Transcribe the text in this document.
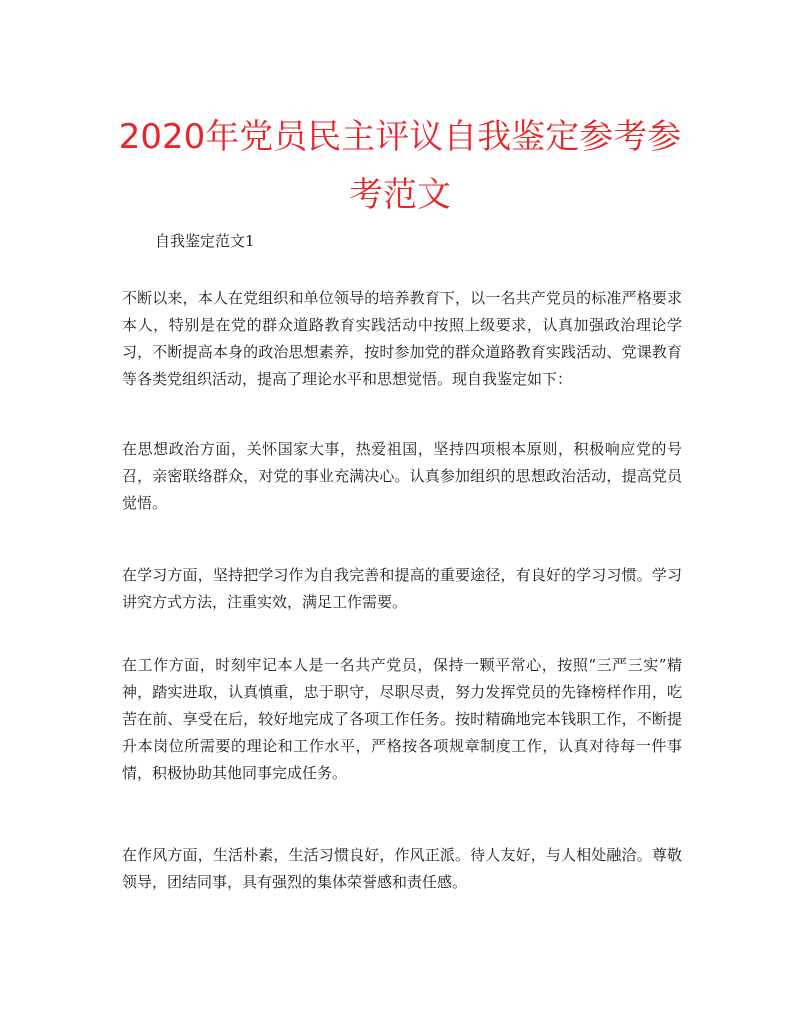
2020年党员民主评议自我鉴定参考参考范文

自我鉴定范文1

不断以来，本人在党组织和单位领导的培养教育下，以一名共产党员的标准严格要求本人，特别是在党的群众道路教育实践活动中按照上级要求，认真加强政治理论学习，不断提高本身的政治思想素养，按时参加党的群众道路教育实践活动、党课教育等各类党组织活动，提高了理论水平和思想觉悟。现自我鉴定如下：

在思想政治方面，关怀国家大事，热爱祖国，坚持四项根本原则，积极响应党的号召，亲密联络群众，对党的事业充满决心。认真参加组织的思想政治活动，提高党员觉悟。

在学习方面，坚持把学习作为自我完善和提高的重要途径，有良好的学习习惯。学习讲究方式方法，注重实效，满足工作需要。

在工作方面，时刻牢记本人是一名共产党员，保持一颗平常心，按照“三严三实”精神，踏实进取，认真慎重，忠于职守，尽职尽责，努力发挥党员的先锋榜样作用，吃苦在前、享受在后，较好地完成了各项工作任务。按时精确地完本钱职工作，不断提升本岗位所需要的理论和工作水平，严格按各项规章制度工作，认真对待每一件事情，积极协助其他同事完成任务。

在作风方面，生活朴素，生活习惯良好，作风正派。待人友好，与人相处融洽。尊敬领导，团结同事，具有强烈的集体荣誉感和责任感。
